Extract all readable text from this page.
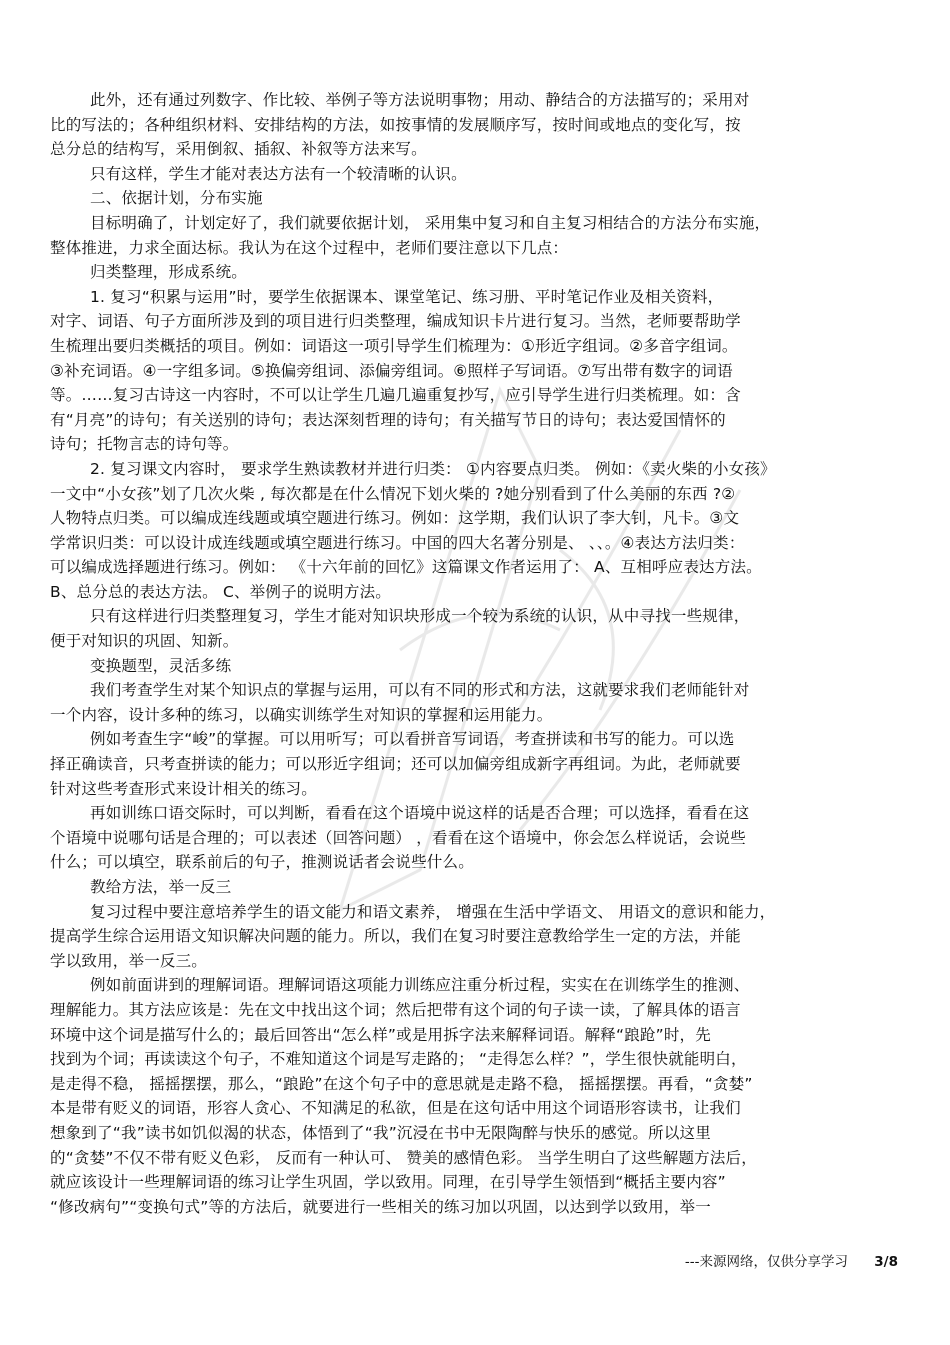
此外，还有通过列数字、作比较、举例子等方法说明事物；用动、静结合的方法描写的；采用对
比的写法的；各种组织材料、安排结构的方法，如按事情的发展顺序写，按时间或地点的变化写，按
总分总的结构写，采用倒叙、插叙、补叙等方法来写。
只有这样，学生才能对表达方法有一个较清晰的认识。
二、依据计划，分布实施
目标明确了，计划定好了，我们就要依据计划， 采用集中复习和自主复习相结合的方法分布实施，
整体推进，力求全面达标。我认为在这个过程中，老师们要注意以下几点：
归类整理，形成系统。
1. 复习“积累与运用”时，要学生依据课本、课堂笔记、练习册、平时笔记作业及相关资料，
对字、词语、句子方面所涉及到的项目进行归类整理，编成知识卡片进行复习。当然，老师要帮助学
生梳理出要归类概括的项目。例如：词语这一项引导学生们梳理为：①形近字组词。②多音字组词。
③补充词语。④一字组多词。⑤换偏旁组词、添偏旁组词。⑥照样子写词语。⑦写出带有数字的词语
等。……复习古诗这一内容时，不可以让学生几遍几遍重复抄写，应引导学生进行归类梳理。如：含
有“月亮”的诗句；有关送别的诗句；表达深刻哲理的诗句；有关描写节日的诗句；表达爱国情怀的
诗句；托物言志的诗句等。
2. 复习课文内容时， 要求学生熟读教材并进行归类： ①内容要点归类。 例如：《卖火柴的小女孩》
一文中“小女孩”划了几次火柴 , 每次都是在什么情况下划火柴的 ?她分别看到了什么美丽的东西 ?②
人物特点归类。可以编成连线题或填空题进行练习。例如：这学期，我们认识了李大钊，凡卡。③文
学常识归类：可以设计成连线题或填空题进行练习。中国的四大名著分别是、 、、。④表达方法归类：
可以编成选择题进行练习。例如： 《十六年前的回忆》这篇课文作者运用了： A、互相呼应表达方法。
B、总分总的表达方法。 C、举例子的说明方法。
只有这样进行归类整理复习，学生才能对知识块形成一个较为系统的认识，从中寻找一些规律，
便于对知识的巩固、知新。
变换题型，灵活多练
我们考查学生对某个知识点的掌握与运用，可以有不同的形式和方法，这就要求我们老师能针对
一个内容，设计多种的练习，以确实训练学生对知识的掌握和运用能力。
例如考查生字“峻”的掌握。可以用听写；可以看拼音写词语，考查拼读和书写的能力。可以选
择正确读音，只考查拼读的能力；可以形近字组词；还可以加偏旁组成新字再组词。为此，老师就要
针对这些考查形式来设计相关的练习。
再如训练口语交际时，可以判断，看看在这个语境中说这样的话是否合理；可以选择，看看在这
个语境中说哪句话是合理的；可以表述（回答问题） ，看看在这个语境中，你会怎么样说话，会说些
什么；可以填空，联系前后的句子，推测说话者会说些什么。
教给方法，举一反三
复习过程中要注意培养学生的语文能力和语文素养， 增强在生活中学语文、 用语文的意识和能力，
提高学生综合运用语文知识解决问题的能力。所以，我们在复习时要注意教给学生一定的方法，并能
学以致用，举一反三。
例如前面讲到的理解词语。理解词语这项能力训练应注重分析过程，实实在在训练学生的推测、
理解能力。其方法应该是：先在文中找出这个词；然后把带有这个词的句子读一读，了解具体的语言
环境中这个词是描写什么的；最后回答出“怎么样”或是用拆字法来解释词语。解释“踉跄”时，先
找到为个词；再读读这个句子，不难知道这个词是写走路的； “走得怎么样？”，学生很快就能明白，
是走得不稳， 摇摇摆摆，那么，“踉跄”在这个句子中的意思就是走路不稳， 摇摇摆摆。再看，“贪婪”
本是带有贬义的词语，形容人贪心、不知满足的私欲，但是在这句话中用这个词语形容读书，让我们
想象到了“我”读书如饥似渴的状态，体悟到了“我”沉浸在书中无限陶醉与快乐的感觉。所以这里
的“贪婪”不仅不带有贬义色彩， 反而有一种认可、 赞美的感情色彩。 当学生明白了这些解题方法后，
就应该设计一些理解词语的练习让学生巩固，学以致用。同理，在引导学生领悟到“概括主要内容”
“修改病句”“变换句式”等的方法后，就要进行一些相关的练习加以巩固，以达到学以致用，举一
---来源网络，仅供分享学习 3/8
